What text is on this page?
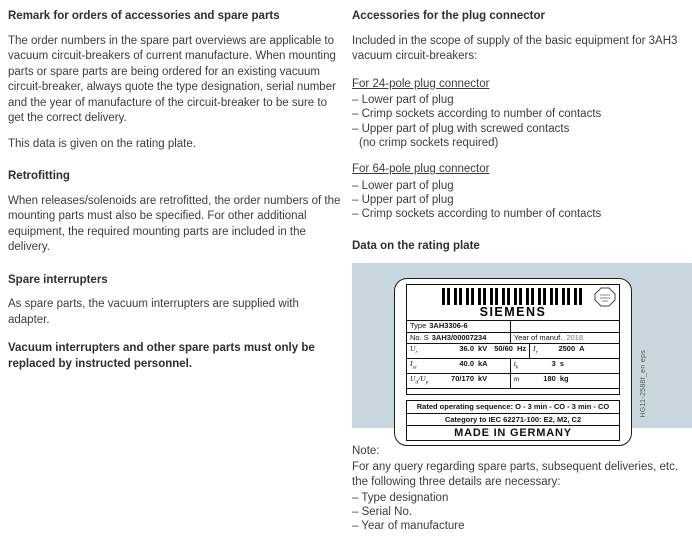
Remark for orders of accessories and spare parts

The order numbers in the spare part overviews are applicable to vacuum circuit-breakers of current manufacture. When mounting parts or spare parts are being ordered for an existing vacuum circuit-breaker, always quote the type designation, serial number and the year of manufacture of the circuit-breaker to be sure to get the correct delivery.

This data is given on the rating plate.

Retrofitting

When releases/solenoids are retrofitted, the order numbers of the mounting parts must also be specified. For other additional equipment, the required mounting parts are included in the delivery.

Spare interrupters

As spare parts, the vacuum interrupters are supplied with adapter.

Vacuum interrupters and other spare parts must only be replaced by instructed personnel.

Accessories for the plug connector

Included in the scope of supply of the basic equipment for 3AH3 vacuum circuit-breakers:

For 24-pole plug connector
– Lower part of plug
– Crimp sockets according to number of contacts
– Upper part of plug with screwed contacts
(no crimp sockets required)
For 64-pole plug connector
– Lower part of plug
– Upper part of plug
– Crimp sockets according to number of contacts
Data on the rating plate
SIEMENS
Type 3AH3306-6
No. S 3AH3/00007234	Year of manuf. 2018
$U_r$	36.0 kV 50/60 Hz $I_r$	2500 A
$I_{sc}$	40.0 kA	$t_k$	3 s
$U_d/U_p$	70/170 kV	m	180 kg
Rated operating sequence: O - 3 min - CO - 3 min - CO
Category to IEC 62271-100: E2, M2, C2
MADE IN GERMANY
HG11-2588f_en eps
Note:
For any query regarding spare parts, subsequent deliveries, etc. the following three details are necessary:
– Type designation
– Serial No.
– Year of manufacture
